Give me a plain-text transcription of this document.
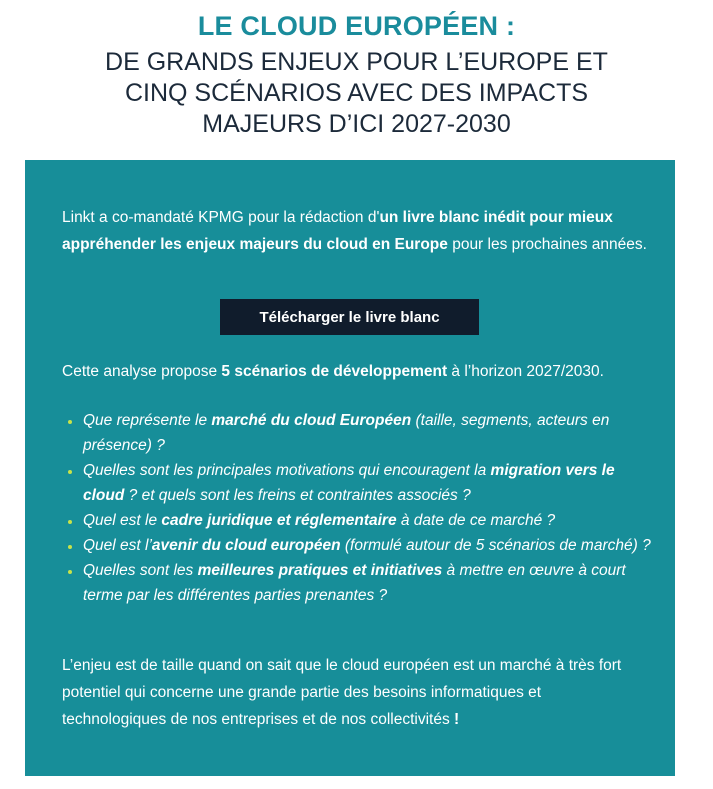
LE CLOUD EUROPÉEN :
DE GRANDS ENJEUX POUR L’EUROPE ET
CINQ SCÉNARIOS AVEC DES IMPACTS
MAJEURS D’ICI 2027-2030

Linkt a co-mandaté KPMG pour la rédaction d'un livre blanc inédit pour mieux appréhender les enjeux majeurs du cloud en Europe pour les prochaines années.

Télécharger le livre blanc

Cette analyse propose 5 scénarios de développement à l’horizon 2027/2030.

Que représente le marché du cloud Européen (taille, segments, acteurs en présence) ?
Quelles sont les principales motivations qui encouragent la migration vers le cloud ? et quels sont les freins et contraintes associés ?
Quel est le cadre juridique et réglementaire à date de ce marché ?
Quel est l’avenir du cloud européen (formulé autour de 5 scénarios de marché) ?
Quelles sont les meilleures pratiques et initiatives à mettre en œuvre à court terme par les différentes parties prenantes ?

L’enjeu est de taille quand on sait que le cloud européen est un marché à très fort potentiel qui concerne une grande partie des besoins informatiques et technologiques de nos entreprises et de nos collectivités !
